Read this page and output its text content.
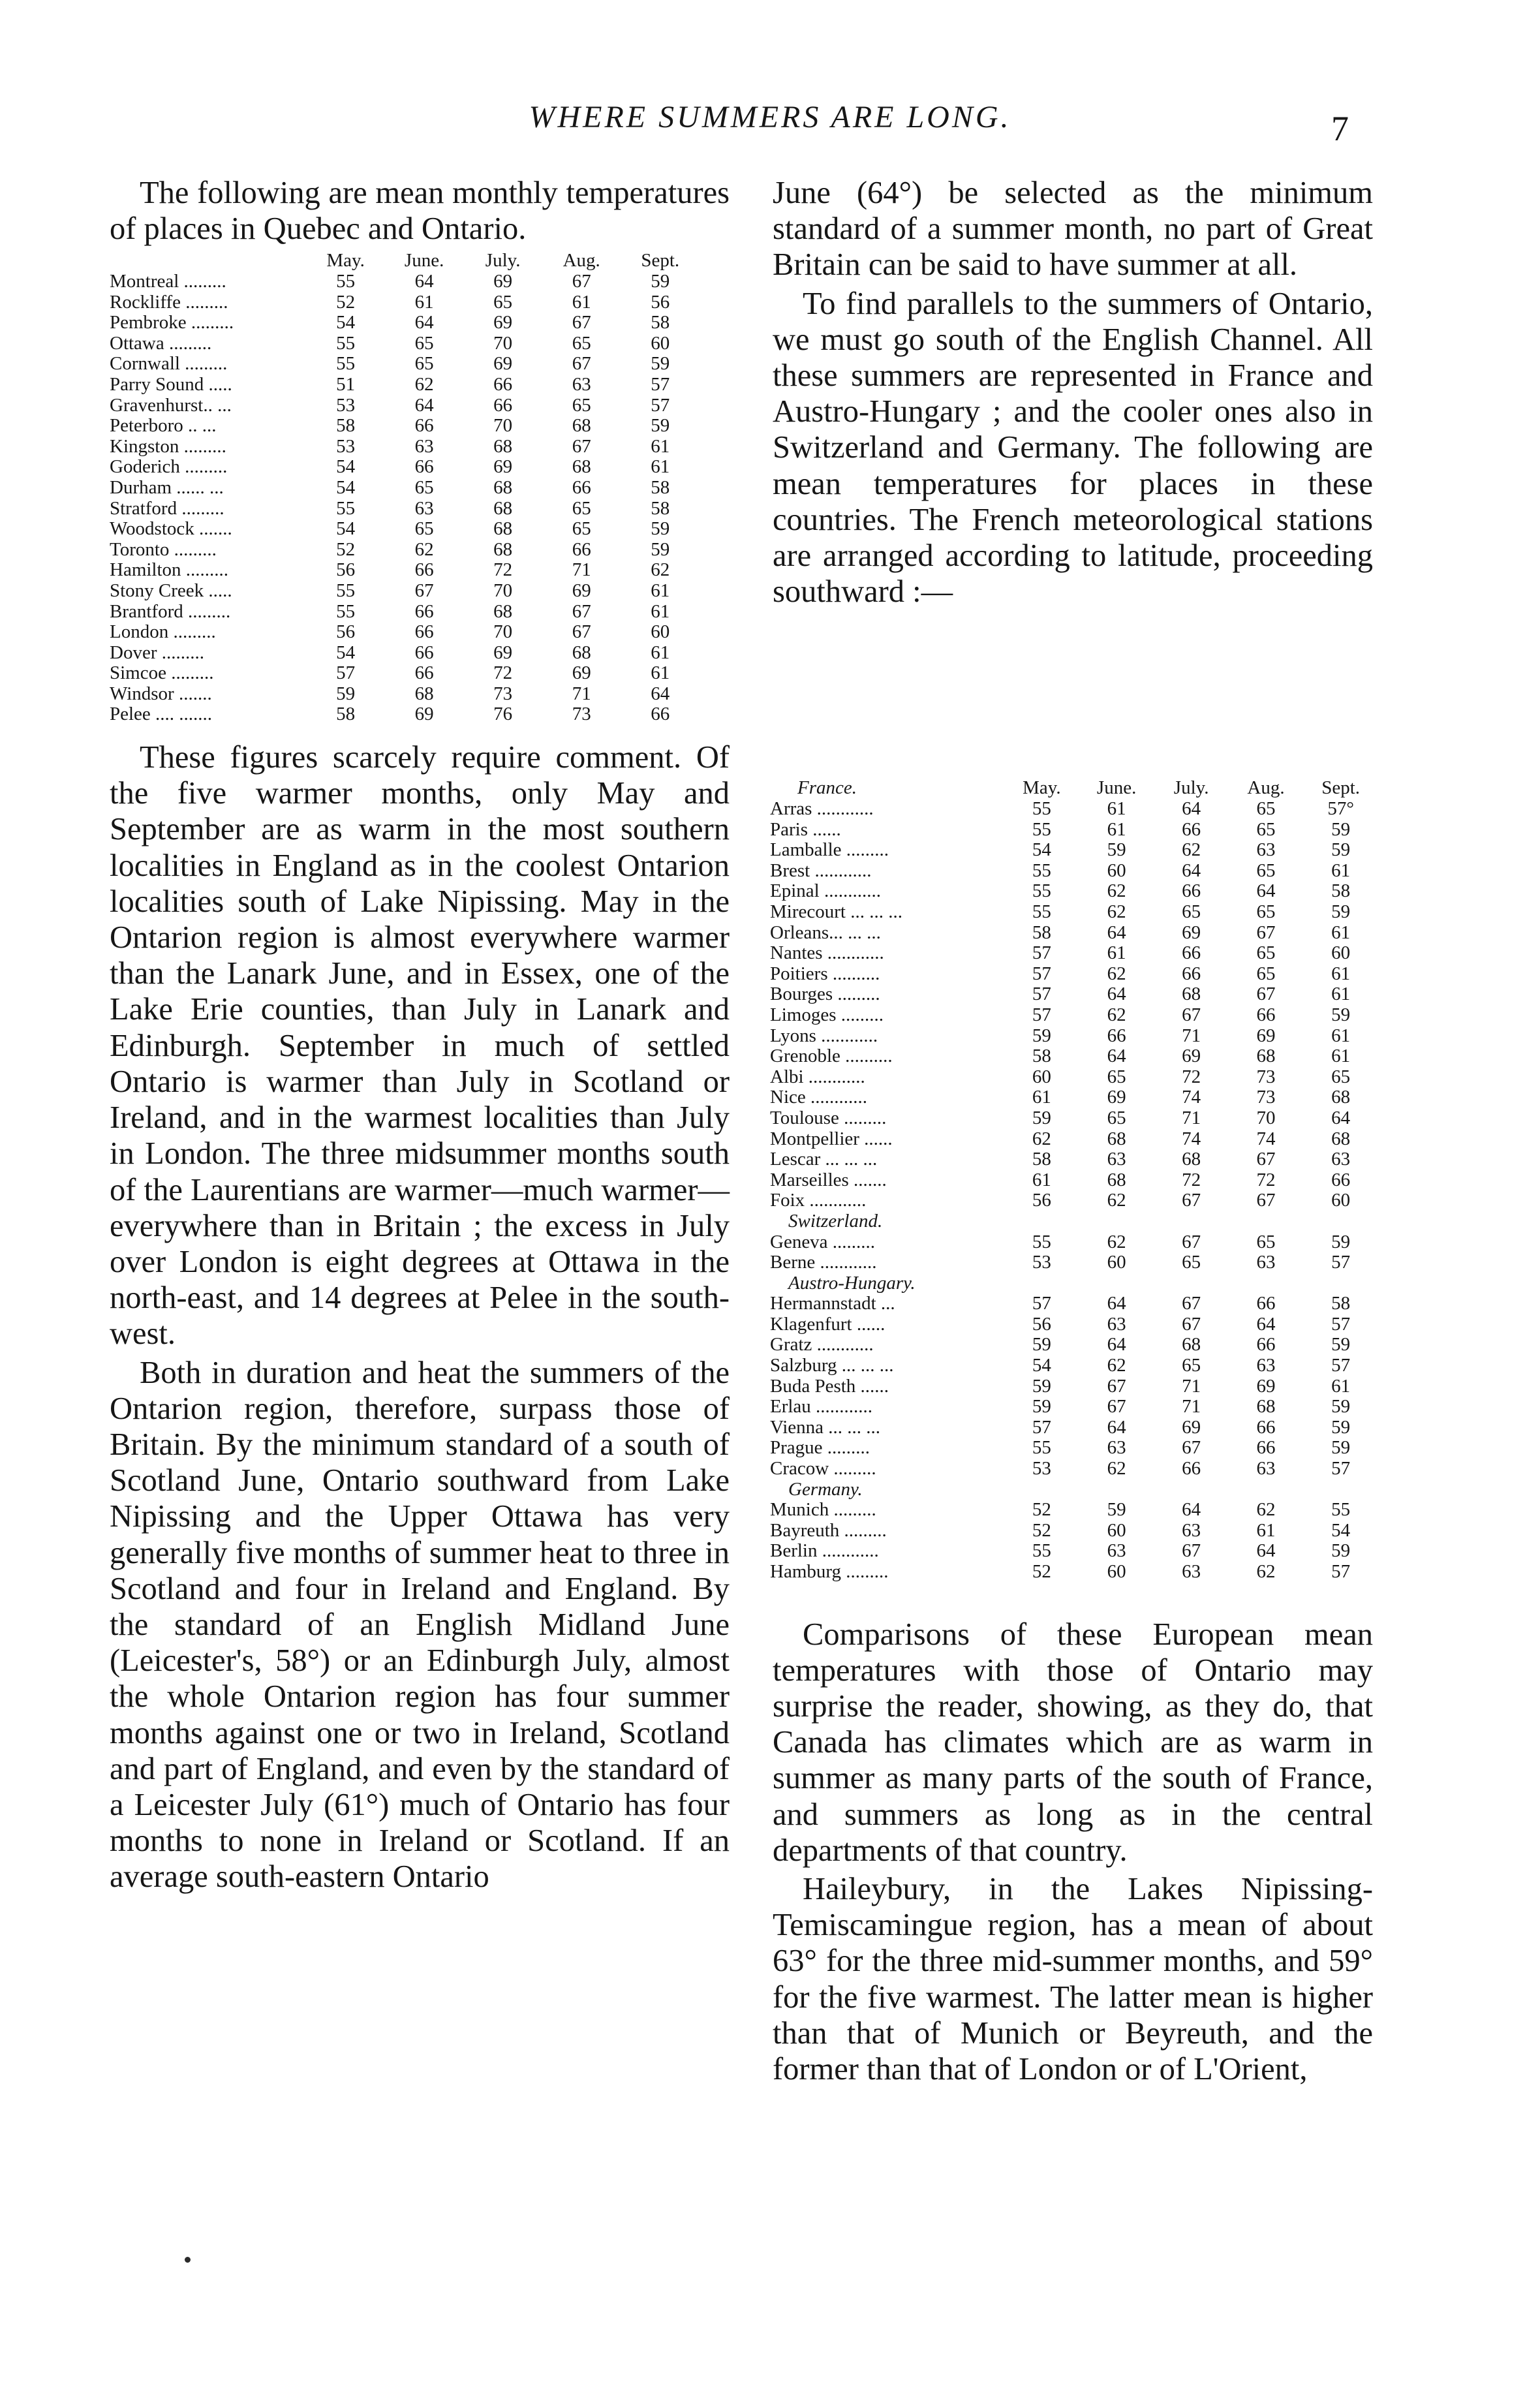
WHERE SUMMERS ARE LONG.	7

The following are mean monthly temperatures of places in Quebec and Ontario.

	May.	June.	July.	Aug.	Sept.
Montreal .........	55	64	69	67	59
Rockliffe .........	52	61	65	61	56
Pembroke .........	54	64	69	67	58
Ottawa .........	55	65	70	65	60
Cornwall .........	55	65	69	67	59
Parry Sound .....	51	62	66	63	57
Gravenhurst.. ...	53	64	66	65	57
Peterboro .. ...	58	66	70	68	59
Kingston .........	53	63	68	67	61
Goderich .........	54	66	69	68	61
Durham ...... ...	54	65	68	66	58
Stratford .........	55	63	68	65	58
Woodstock .......	54	65	68	65	59
Toronto .........	52	62	68	66	59
Hamilton .........	56	66	72	71	62
Stony Creek .....	55	67	70	69	61
Brantford .........	55	66	68	67	61
London .........	56	66	70	67	60
Dover .........	54	66	69	68	61
Simcoe .........	57	66	72	69	61
Windsor .......	59	68	73	71	64
Pelee .... .......	58	69	76	73	66

These figures scarcely require comment. Of the five warmer months, only May and September are as warm in the most southern localities in England as in the coolest Ontarion localities south of Lake Nipissing. May in the Ontarion region is almost everywhere warmer than the Lanark June, and in Essex, one of the Lake Erie counties, than July in Lanark and Edinburgh. September in much of settled Ontario is warmer than July in Scotland or Ireland, and in the warmest localities than July in London. The three midsummer months south of the Laurentians are warmer—much warmer—everywhere than in Britain ; the excess in July over London is eight degrees at Ottawa in the north-east, and 14 degrees at Pelee in the south-west.

Both in duration and heat the summers of the Ontarion region, therefore, surpass those of Britain. By the minimum standard of a south of Scotland June, Ontario southward from Lake Nipissing and the Upper Ottawa has very generally five months of summer heat to three in Scotland and four in Ireland and England. By the standard of an English Midland June (Leicester's, 58°) or an Edinburgh July, almost the whole Ontarion region has four summer months against one or two in Ireland, Scotland and part of England, and even by the standard of a Leicester July (61°) much of Ontario has four months to none in Ireland or Scotland. If an average south-eastern Ontario

June (64°) be selected as the minimum standard of a summer month, no part of Great Britain can be said to have summer at all.

To find parallels to the summers of Ontario, we must go south of the English Channel. All these summers are represented in France and Austro-Hungary ; and the cooler ones also in Switzerland and Germany. The following are mean temperatures for places in these countries. The French meteorological stations are arranged according to latitude, proceeding southward :—

France.	May.	June.	July.	Aug.	Sept.
Arras ............	55	61	64	65	57°
Paris ......	55	61	66	65	59
Lamballe .........	54	59	62	63	59
Brest ............	55	60	64	65	61
Epinal ............	55	62	66	64	58
Mirecourt ... ... ...	55	62	65	65	59
Orleans... ... ...	58	64	69	67	61
Nantes ............	57	61	66	65	60
Poitiers ..........	57	62	66	65	61
Bourges .........	57	64	68	67	61
Limoges .........	57	62	67	66	59
Lyons ............	59	66	71	69	61
Grenoble ..........	58	64	69	68	61
Albi ............	60	65	72	73	65
Nice ............	61	69	74	73	68
Toulouse .........	59	65	71	70	64
Montpellier ......	62	68	74	74	68
Lescar ... ... ...	58	63	68	67	63
Marseilles .......	61	68	72	72	66
Foix ............	56	62	67	67	60
Switzerland.					
Geneva .........	55	62	67	65	59
Berne ............	53	60	65	63	57
Austro-Hungary.					
Hermannstadt ...	57	64	67	66	58
Klagenfurt ......	56	63	67	64	57
Gratz ............	59	64	68	66	59
Salzburg ... ... ...	54	62	65	63	57
Buda Pesth ......	59	67	71	69	61
Erlau ............	59	67	71	68	59
Vienna ... ... ...	57	64	69	66	59
Prague .........	55	63	67	66	59
Cracow .........	53	62	66	63	57
Germany.					
Munich .........	52	59	64	62	55
Bayreuth .........	52	60	63	61	54
Berlin ............	55	63	67	64	59
Hamburg .........	52	60	63	62	57

Comparisons of these European mean temperatures with those of Ontario may surprise the reader, showing, as they do, that Canada has climates which are as warm in summer as many parts of the south of France, and summers as long as in the central departments of that country.

Haileybury, in the Lakes Nipissing-Temiscamingue region, has a mean of about 63° for the three mid-summer months, and 59° for the five warmest. The latter mean is higher than that of Munich or Beyreuth, and the former than that of London or of L'Orient,
